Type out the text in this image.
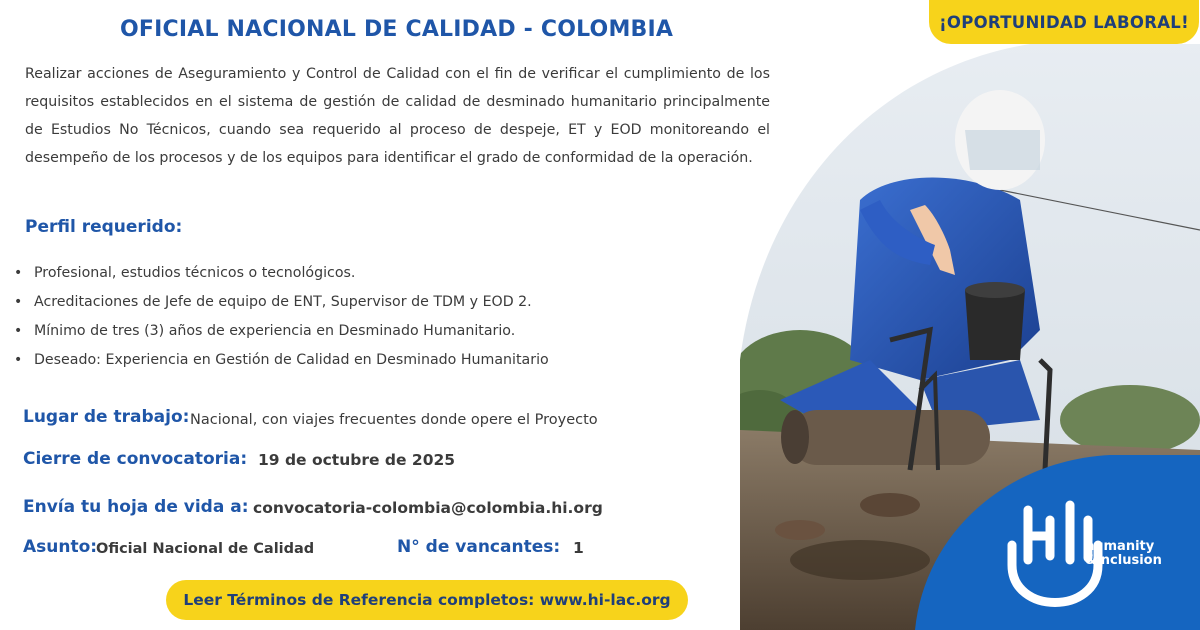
OFICIAL NACIONAL DE CALIDAD - COLOMBIA

Realizar acciones de Aseguramiento y Control de Calidad con el fin de verificar el cumplimiento de los requisitos establecidos en el sistema de gestión de calidad de desminado humanitario principalmente de Estudios No Técnicos, cuando sea requerido al proceso de despeje, ET y EOD monitoreando el desempeño de los procesos y de los equipos para identificar el grado de conformidad de la operación.

Perfil requerido:
• Profesional, estudios técnicos o tecnológicos.
• Acreditaciones de Jefe de equipo de ENT, Supervisor de TDM y EOD 2.
• Mínimo de tres (3) años de experiencia en Desminado Humanitario.
• Deseado: Experiencia en Gestión de Calidad en Desminado Humanitario
Lugar de trabajo: Nacional, con viajes frecuentes donde opere el Proyecto
Cierre de convocatoria: 19 de octubre de 2025
Envía tu hoja de vida a: convocatoria-colombia@colombia.hi.org
Asunto:
Oficial Nacional de Calidad	N° de vancantes: 1
Leer Términos de Referencia completos: www.hi-lac.org
¡OPORTUNIDAD LABORAL!
humanity
&inclusion
